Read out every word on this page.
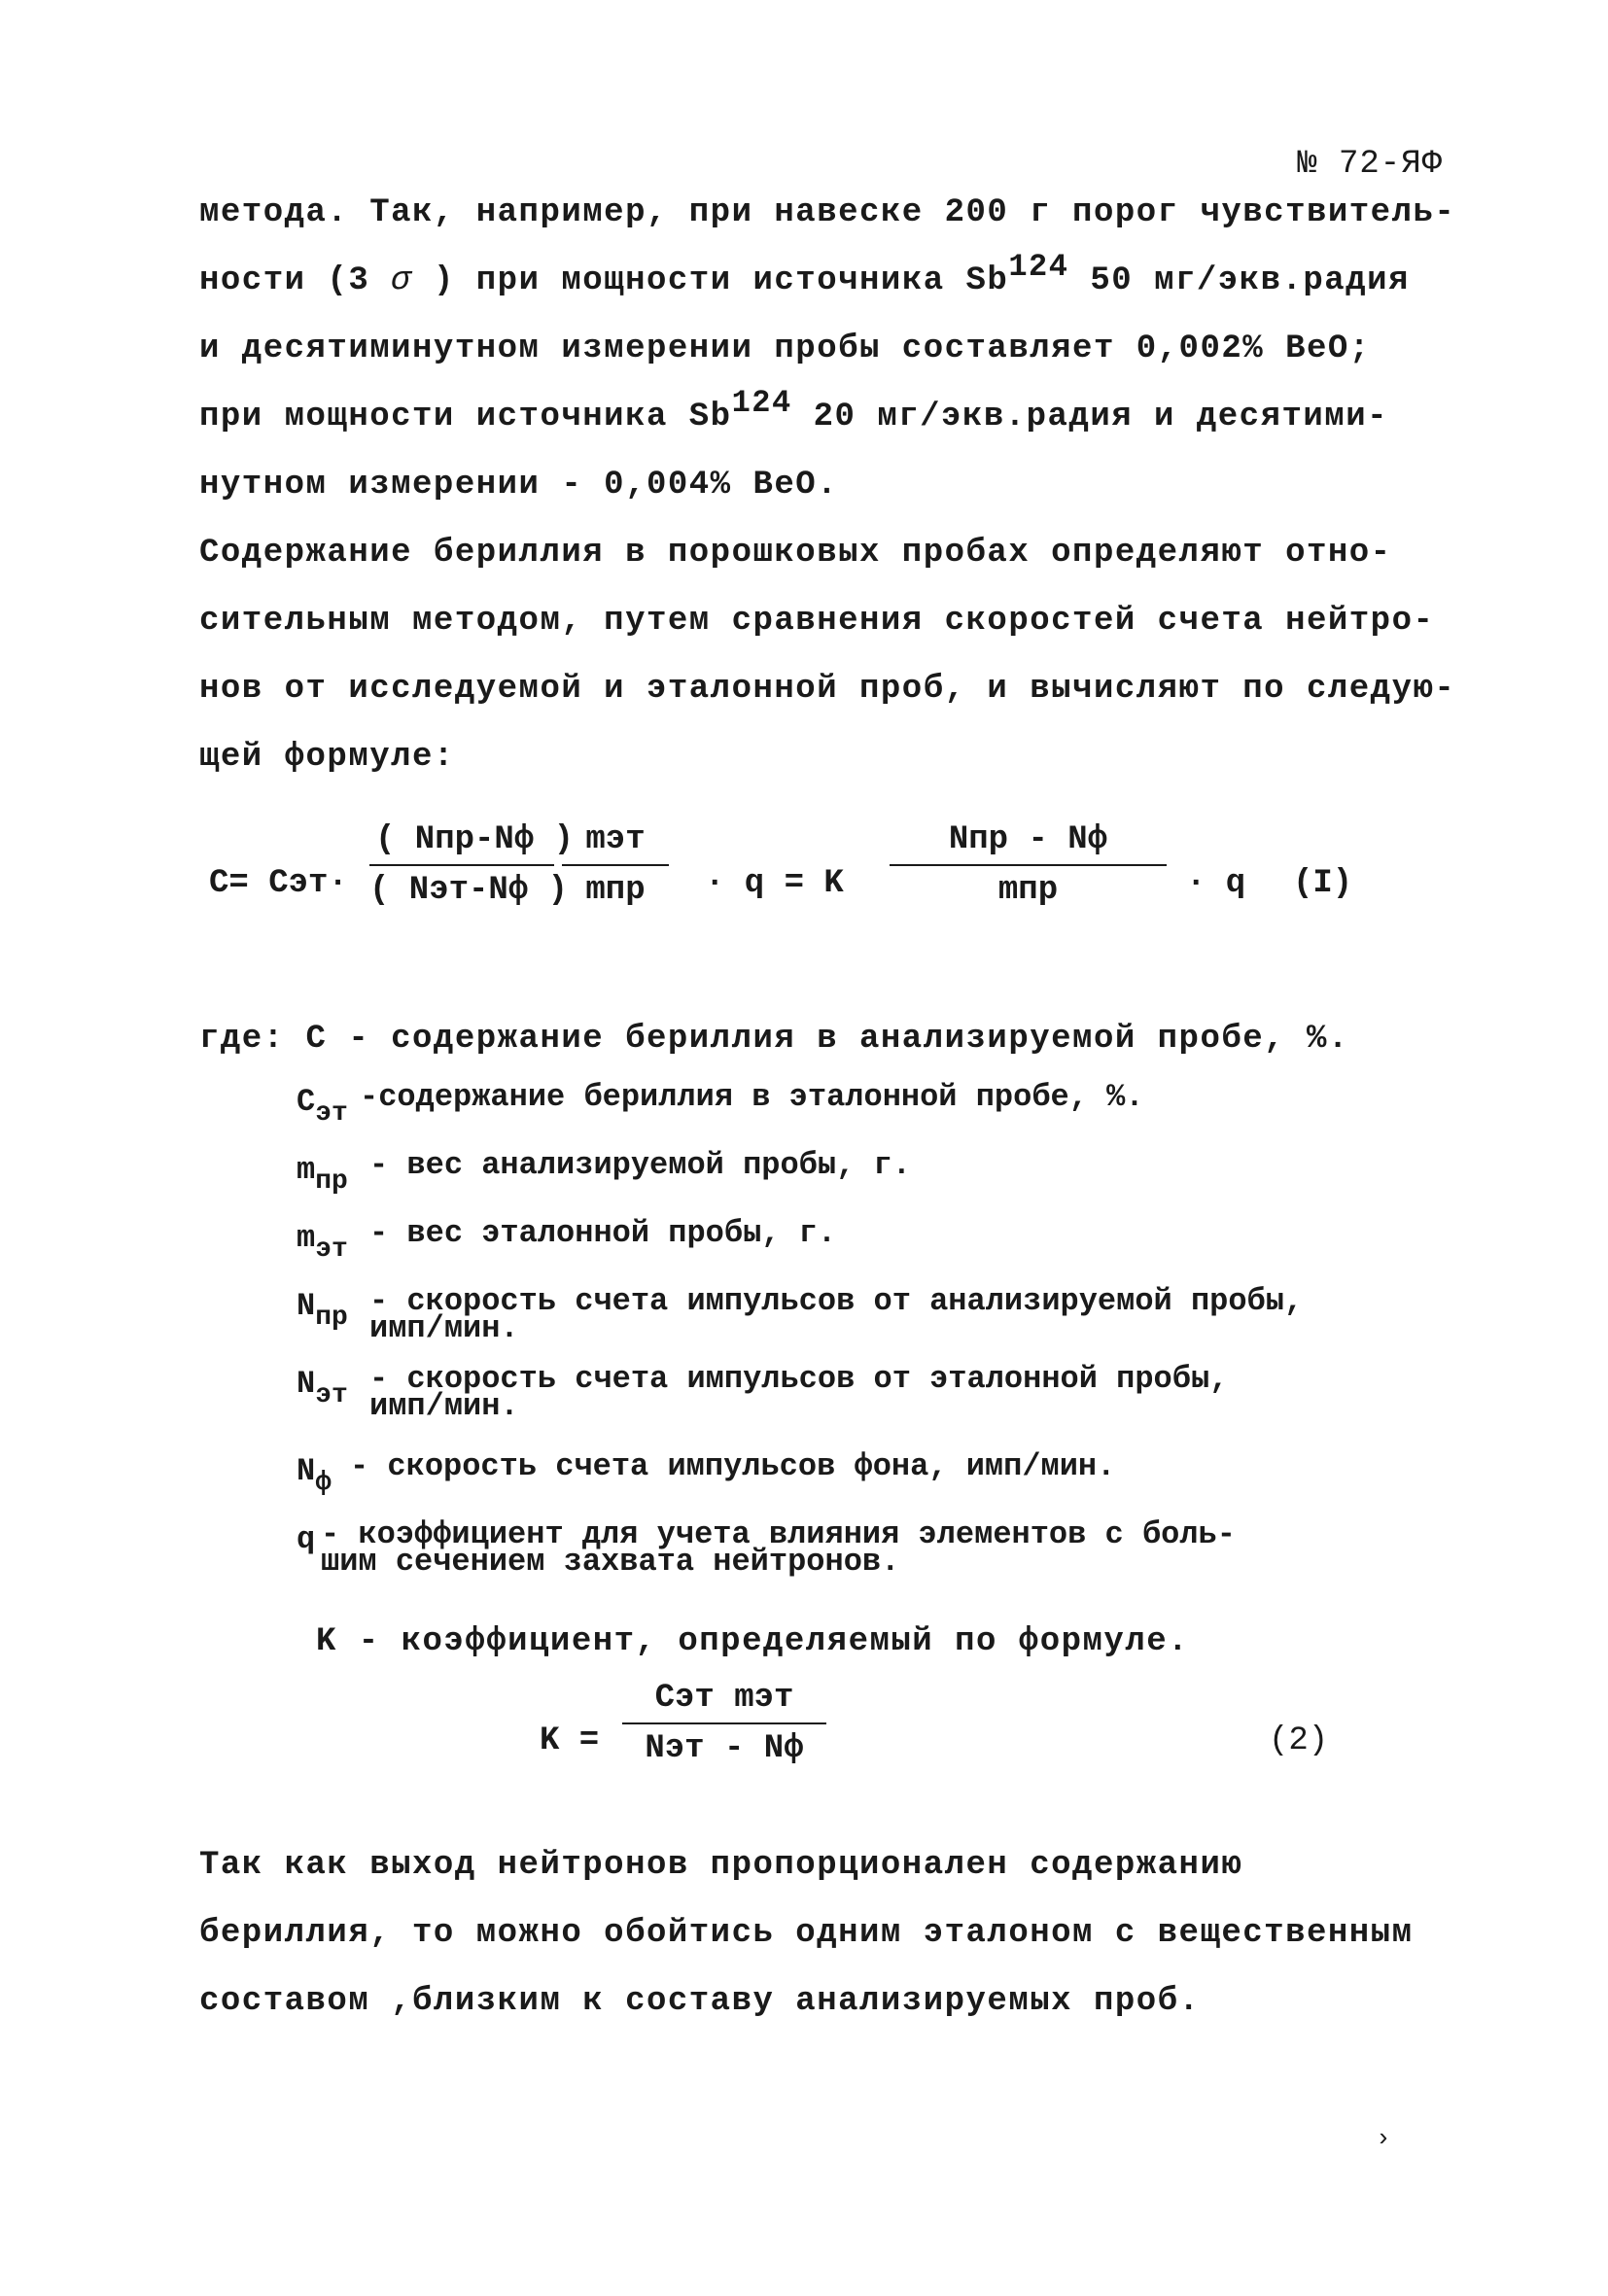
№ 72-ЯФ
метода. Так, например, при навеске 200 г порог чувствитель-
ности (3 σ ) при мощности источника Sb124 50 мг/экв.радия
и десятиминутном измерении пробы составляет 0,002% BeO;
при мощности источника Sb124 20 мг/экв.радия и десятими-
нутном измерении - 0,004% BeO.
Содержание бериллия в порошковых пробах определяют отно-
сительным методом, путем сравнения скоростей счета нейтро-
нов от исследуемой и эталонной проб, и вычисляют по следую-
щей формуле:
C= Cэт·
( Nпр-Nф )
( Nэт-Nф )
mэт
mпр	· q = K
Nпр - Nф
mпр	· q (I)
где: C - содержание бериллия в анализируемой пробе, %.
Cэт -содержание бериллия в эталонной пробе, %.
mпр - вес анализируемой пробы, г.
mэт - вес эталонной пробы, г.
Nпр - скорость счета импульсов от анализируемой пробы,
имп/мин.
Nэт - скорость счета импульсов от эталонной пробы,
имп/мин.
Nф - скорость счета импульсов фона, имп/мин.
q - коэффициент для учета влияния элементов с боль-
шим сечением захвата нейтронов.
K - коэффициент, определяемый по формуле.
K =
Cэт mэт
Nэт - Nф	(2)
Так как выход нейтронов пропорционален содержанию
бериллия, то можно обойтись одним эталоном с вещественным
составом ,близким к составу анализируемых проб.
›
